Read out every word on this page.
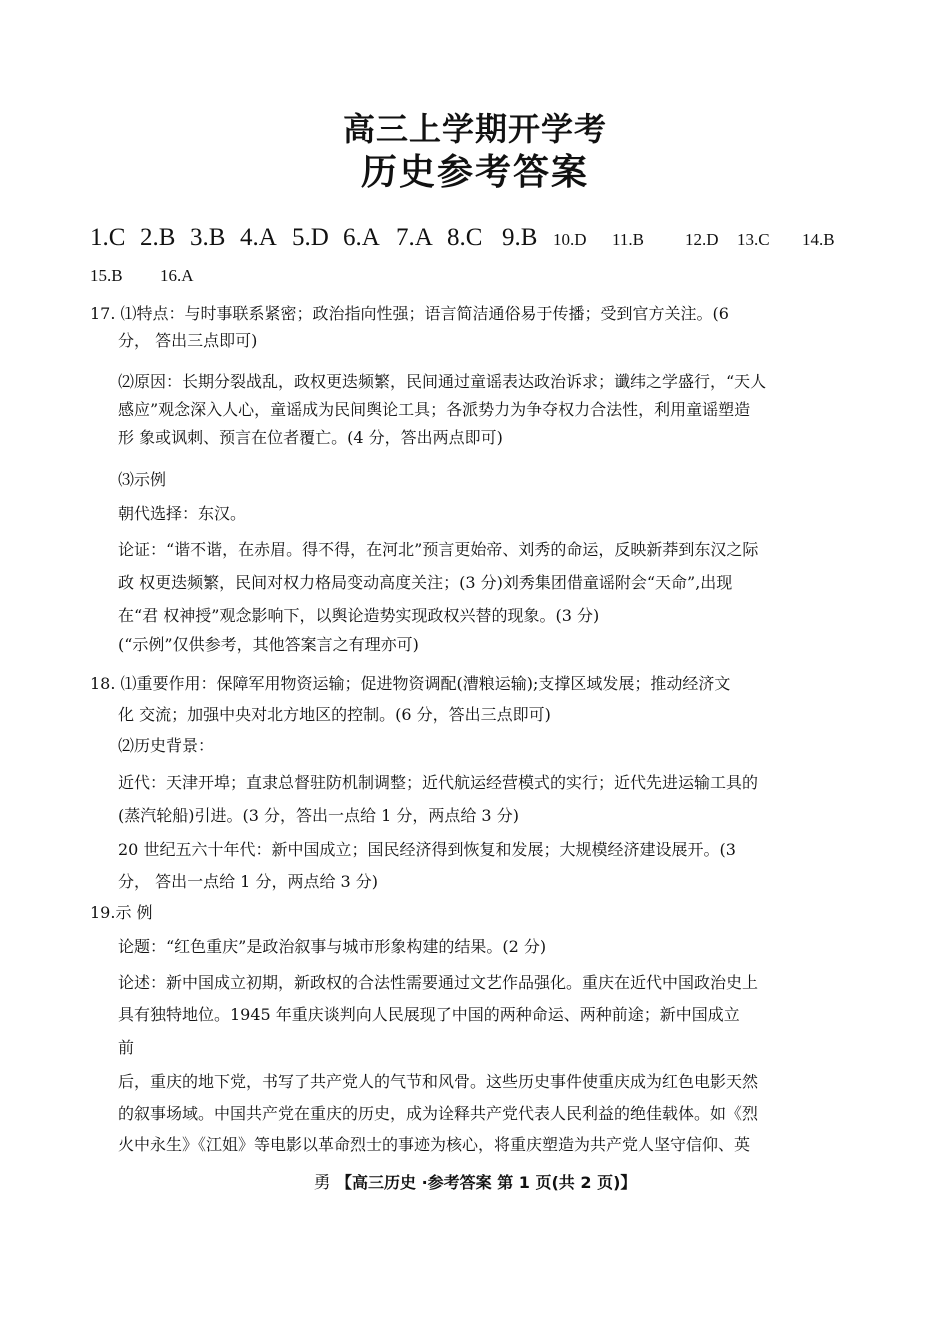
高三上学期开学考
历史参考答案
1.C 2.B 3.B 4.A 5.D 6.A 7.A 8.C 9.B 10.D 11.B 12.D 13.C 14.B
15.B 16.A
17. ⑴特点：与时事联系紧密；政治指向性强；语言简洁通俗易于传播；受到官方关注。(6
分， 答出三点即可)
⑵原因：长期分裂战乱，政权更迭频繁，民间通过童谣表达政治诉求；谶纬之学盛行，“天人
感应”观念深入人心，童谣成为民间舆论工具；各派势力为争夺权力合法性，利用童谣塑造
形 象或讽刺、预言在位者覆亡。(4 分，答出两点即可)
⑶示例
朝代选择：东汉。
论证：“谐不谐，在赤眉。得不得，在河北”预言更始帝、刘秀的命运，反映新莽到东汉之际
政 权更迭频繁，民间对权力格局变动高度关注；(3 分)刘秀集团借童谣附会“天命”,出现
在“君 权神授”观念影响下，以舆论造势实现政权兴替的现象。(3 分)
(“示例”仅供参考，其他答案言之有理亦可)
18. ⑴重要作用：保障军用物资运输；促进物资调配(漕粮运输);支撑区域发展；推动经济文
化 交流；加强中央对北方地区的控制。(6 分，答出三点即可)
⑵历史背景：
近代：天津开埠；直隶总督驻防机制调整；近代航运经营模式的实行；近代先进运输工具的
(蒸汽轮船)引进。(3 分，答出一点给 1 分，两点给 3 分)
20 世纪五六十年代：新中国成立；国民经济得到恢复和发展；大规模经济建设展开。(3
分， 答出一点给 1 分，两点给 3 分)
19.示 例
论题：“红色重庆”是政治叙事与城市形象构建的结果。(2 分)
论述：新中国成立初期，新政权的合法性需要通过文艺作品强化。重庆在近代中国政治史上
具有独特地位。1945 年重庆谈判向人民展现了中国的两种命运、两种前途；新中国成立
前
后，重庆的地下党，书写了共产党人的气节和风骨。这些历史事件使重庆成为红色电影天然
的叙事场域。中国共产党在重庆的历史，成为诠释共产党代表人民利益的绝佳载体。如《烈
火中永生》《江姐》等电影以革命烈士的事迹为核心，将重庆塑造为共产党人坚守信仰、英
勇 【高三历史 ·参考答案 第 1 页(共 2 页)】
